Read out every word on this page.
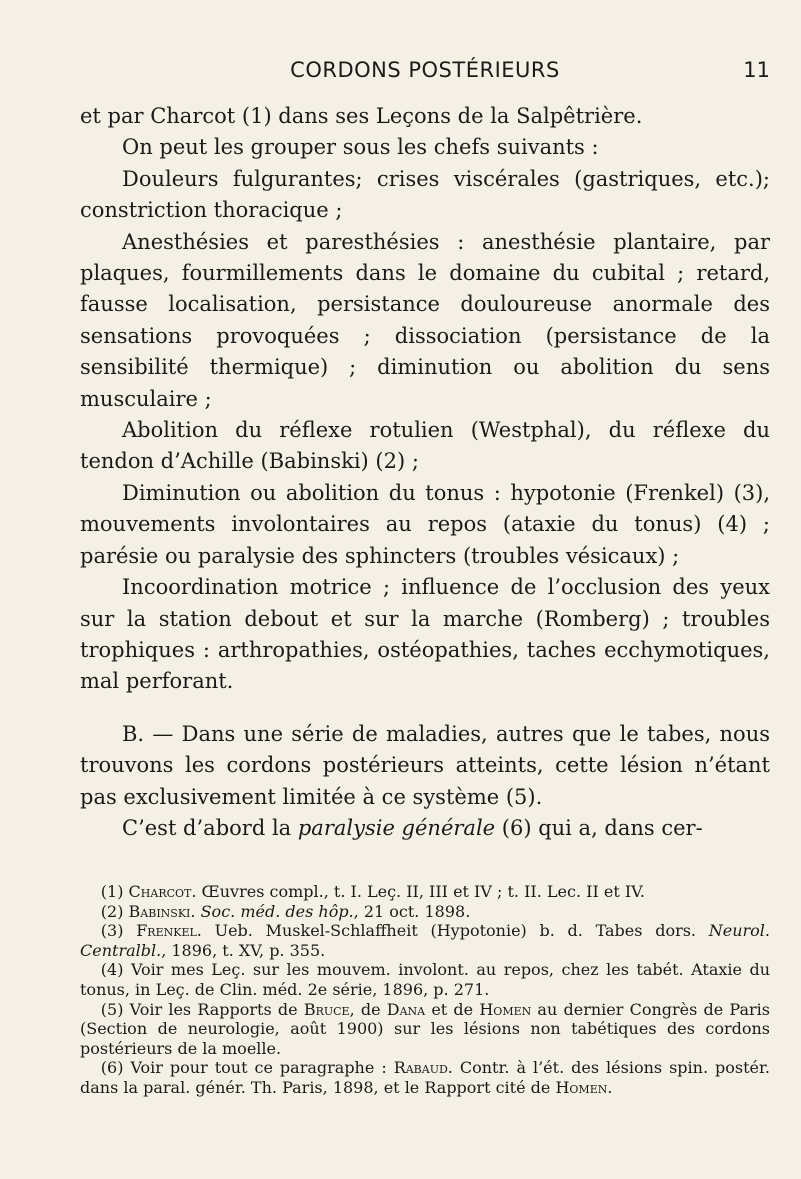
CORDONS POSTÉRIEURS	11

et par Charcot (1) dans ses Leçons de la Salpêtrière.

On peut les grouper sous les chefs suivants :

Douleurs fulgurantes; crises viscérales (gastriques, etc.); constriction thoracique ;

Anesthésies et paresthésies : anesthésie plantaire, par plaques, fourmillements dans le domaine du cubital ; retard, fausse localisation, persistance douloureuse anormale des sensations provoquées ; dissociation (persistance de la sensibilité thermique) ; diminution ou abolition du sens musculaire ;

Abolition du réflexe rotulien (Westphal), du réflexe du tendon d’Achille (Babinski) (2) ;

Diminution ou abolition du tonus : hypotonie (Frenkel) (3), mouvements involontaires au repos (ataxie du tonus) (4) ; parésie ou paralysie des sphincters (troubles vésicaux) ;

Incoordination motrice ; influence de l’occlusion des yeux sur la station debout et sur la marche (Romberg) ; troubles trophiques : arthropathies, ostéopathies, taches ecchymotiques, mal perforant.

B. — Dans une série de maladies, autres que le tabes, nous trouvons les cordons postérieurs atteints, cette lésion n’étant pas exclusivement limitée à ce système (5).

C’est d’abord la paralysie générale (6) qui a, dans cer-

(1) Charcot. Œuvres compl., t. I. Leç. II, III et IV ; t. II. Lec. II et IV.

(2) Babinski. Soc. méd. des hôp., 21 oct. 1898.

(3) Frenkel. Ueb. Muskel-Schlaffheit (Hypotonie) b. d. Tabes dors. Neurol. Centralbl., 1896, t. XV, p. 355.

(4) Voir mes Leç. sur les mouvem. involont. au repos, chez les tabét. Ataxie du tonus, in Leç. de Clin. méd. 2e série, 1896, p. 271.

(5) Voir les Rapports de Bruce, de Dana et de Homen au dernier Congrès de Paris (Section de neurologie, août 1900) sur les lésions non tabétiques des cordons postérieurs de la moelle.

(6) Voir pour tout ce paragraphe : Rabaud. Contr. à l’ét. des lésions spin. postér. dans la paral. génér. Th. Paris, 1898, et le Rapport cité de Homen.
